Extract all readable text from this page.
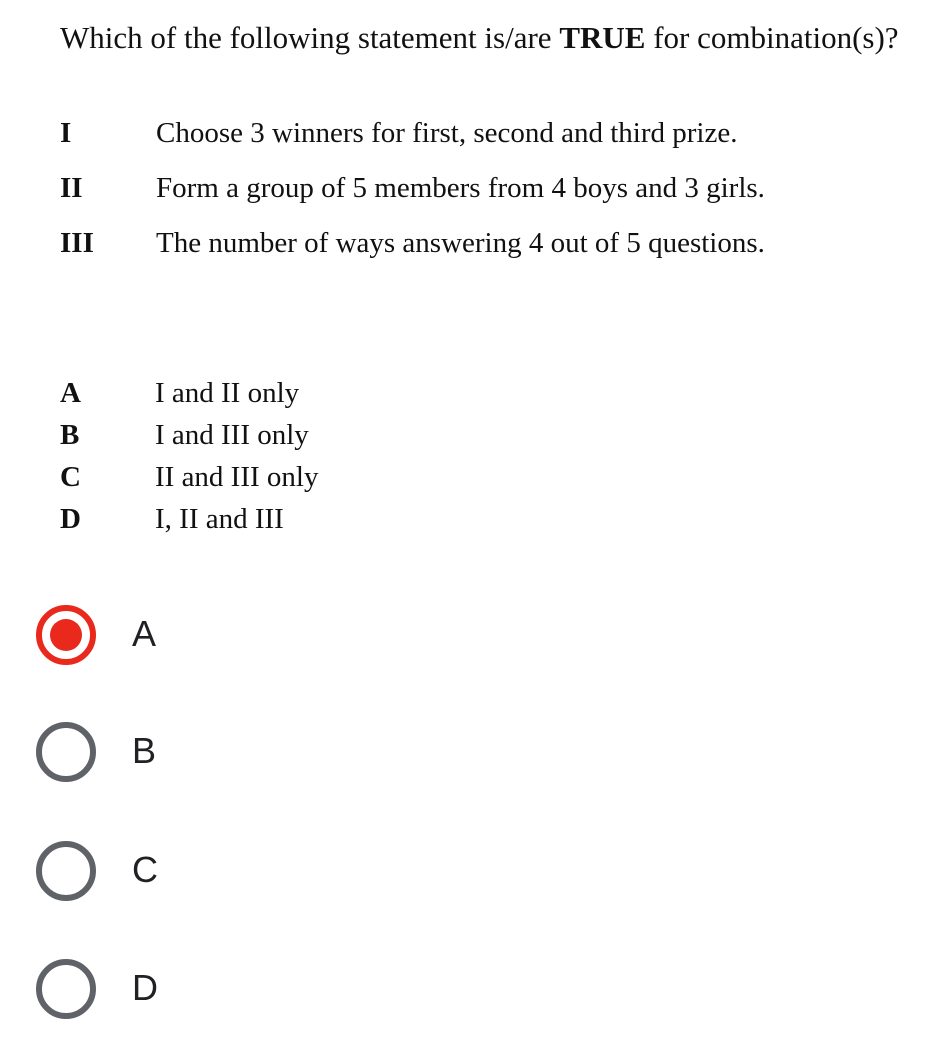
Which of the following statement is/are TRUE for combination(s)?
I	Choose 3 winners for first, second and third prize.
II	Form a group of 5 members from 4 boys and 3 girls.
III The number of ways answering 4 out of 5 questions.
A	I and II only
B	I and III only
C	II and III only
D	I, II and III
A
B
C
D
